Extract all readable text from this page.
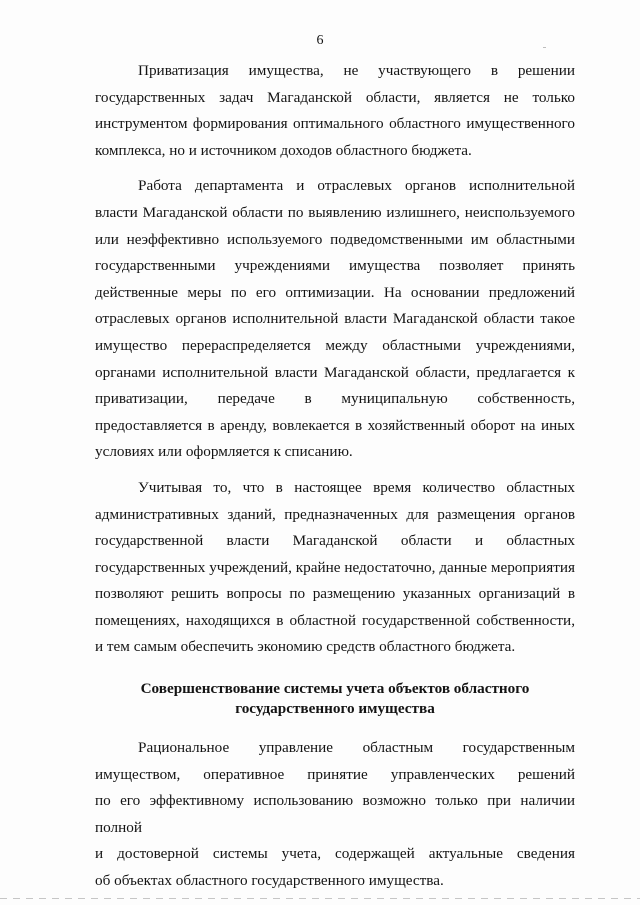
6

Приватизация имущества, не участвующего в решении государственных задач Магаданской области, является не только инструментом формирования оптимального областного имущественного комплекса, но и источником доходов областного бюджета.

Работа департамента и отраслевых органов исполнительной власти Магаданской области по выявлению излишнего, неиспользуемого или неэффективно используемого подведомственными им областными государственными учреждениями имущества позволяет принять действенные меры по его оптимизации. На основании предложений отраслевых органов исполнительной власти Магаданской области такое имущество перераспределяется между областными учреждениями, органами исполнительной власти Магаданской области, предлагается к приватизации, передаче в муниципальную собственность, предоставляется в аренду, вовлекается в хозяйственный оборот на иных условиях или оформляется к списанию.

Учитывая то, что в настоящее время количество областных административных зданий, предназначенных для размещения органов государственной власти Магаданской области и областных государственных учреждений, крайне недостаточно, данные мероприятия позволяют решить вопросы по размещению указанных организаций в помещениях, находящихся в областной государственной собственности, и тем самым обеспечить экономию средств областного бюджета.

Совершенствование системы учета объектов областного
государственного имущества
Рациональное управление областным государственным
имуществом, оперативное принятие управленческих решений
по его эффективному использованию возможно только при наличии
полной
и достоверной системы учета, содержащей актуальные сведения
об объектах областного государственного имущества.
